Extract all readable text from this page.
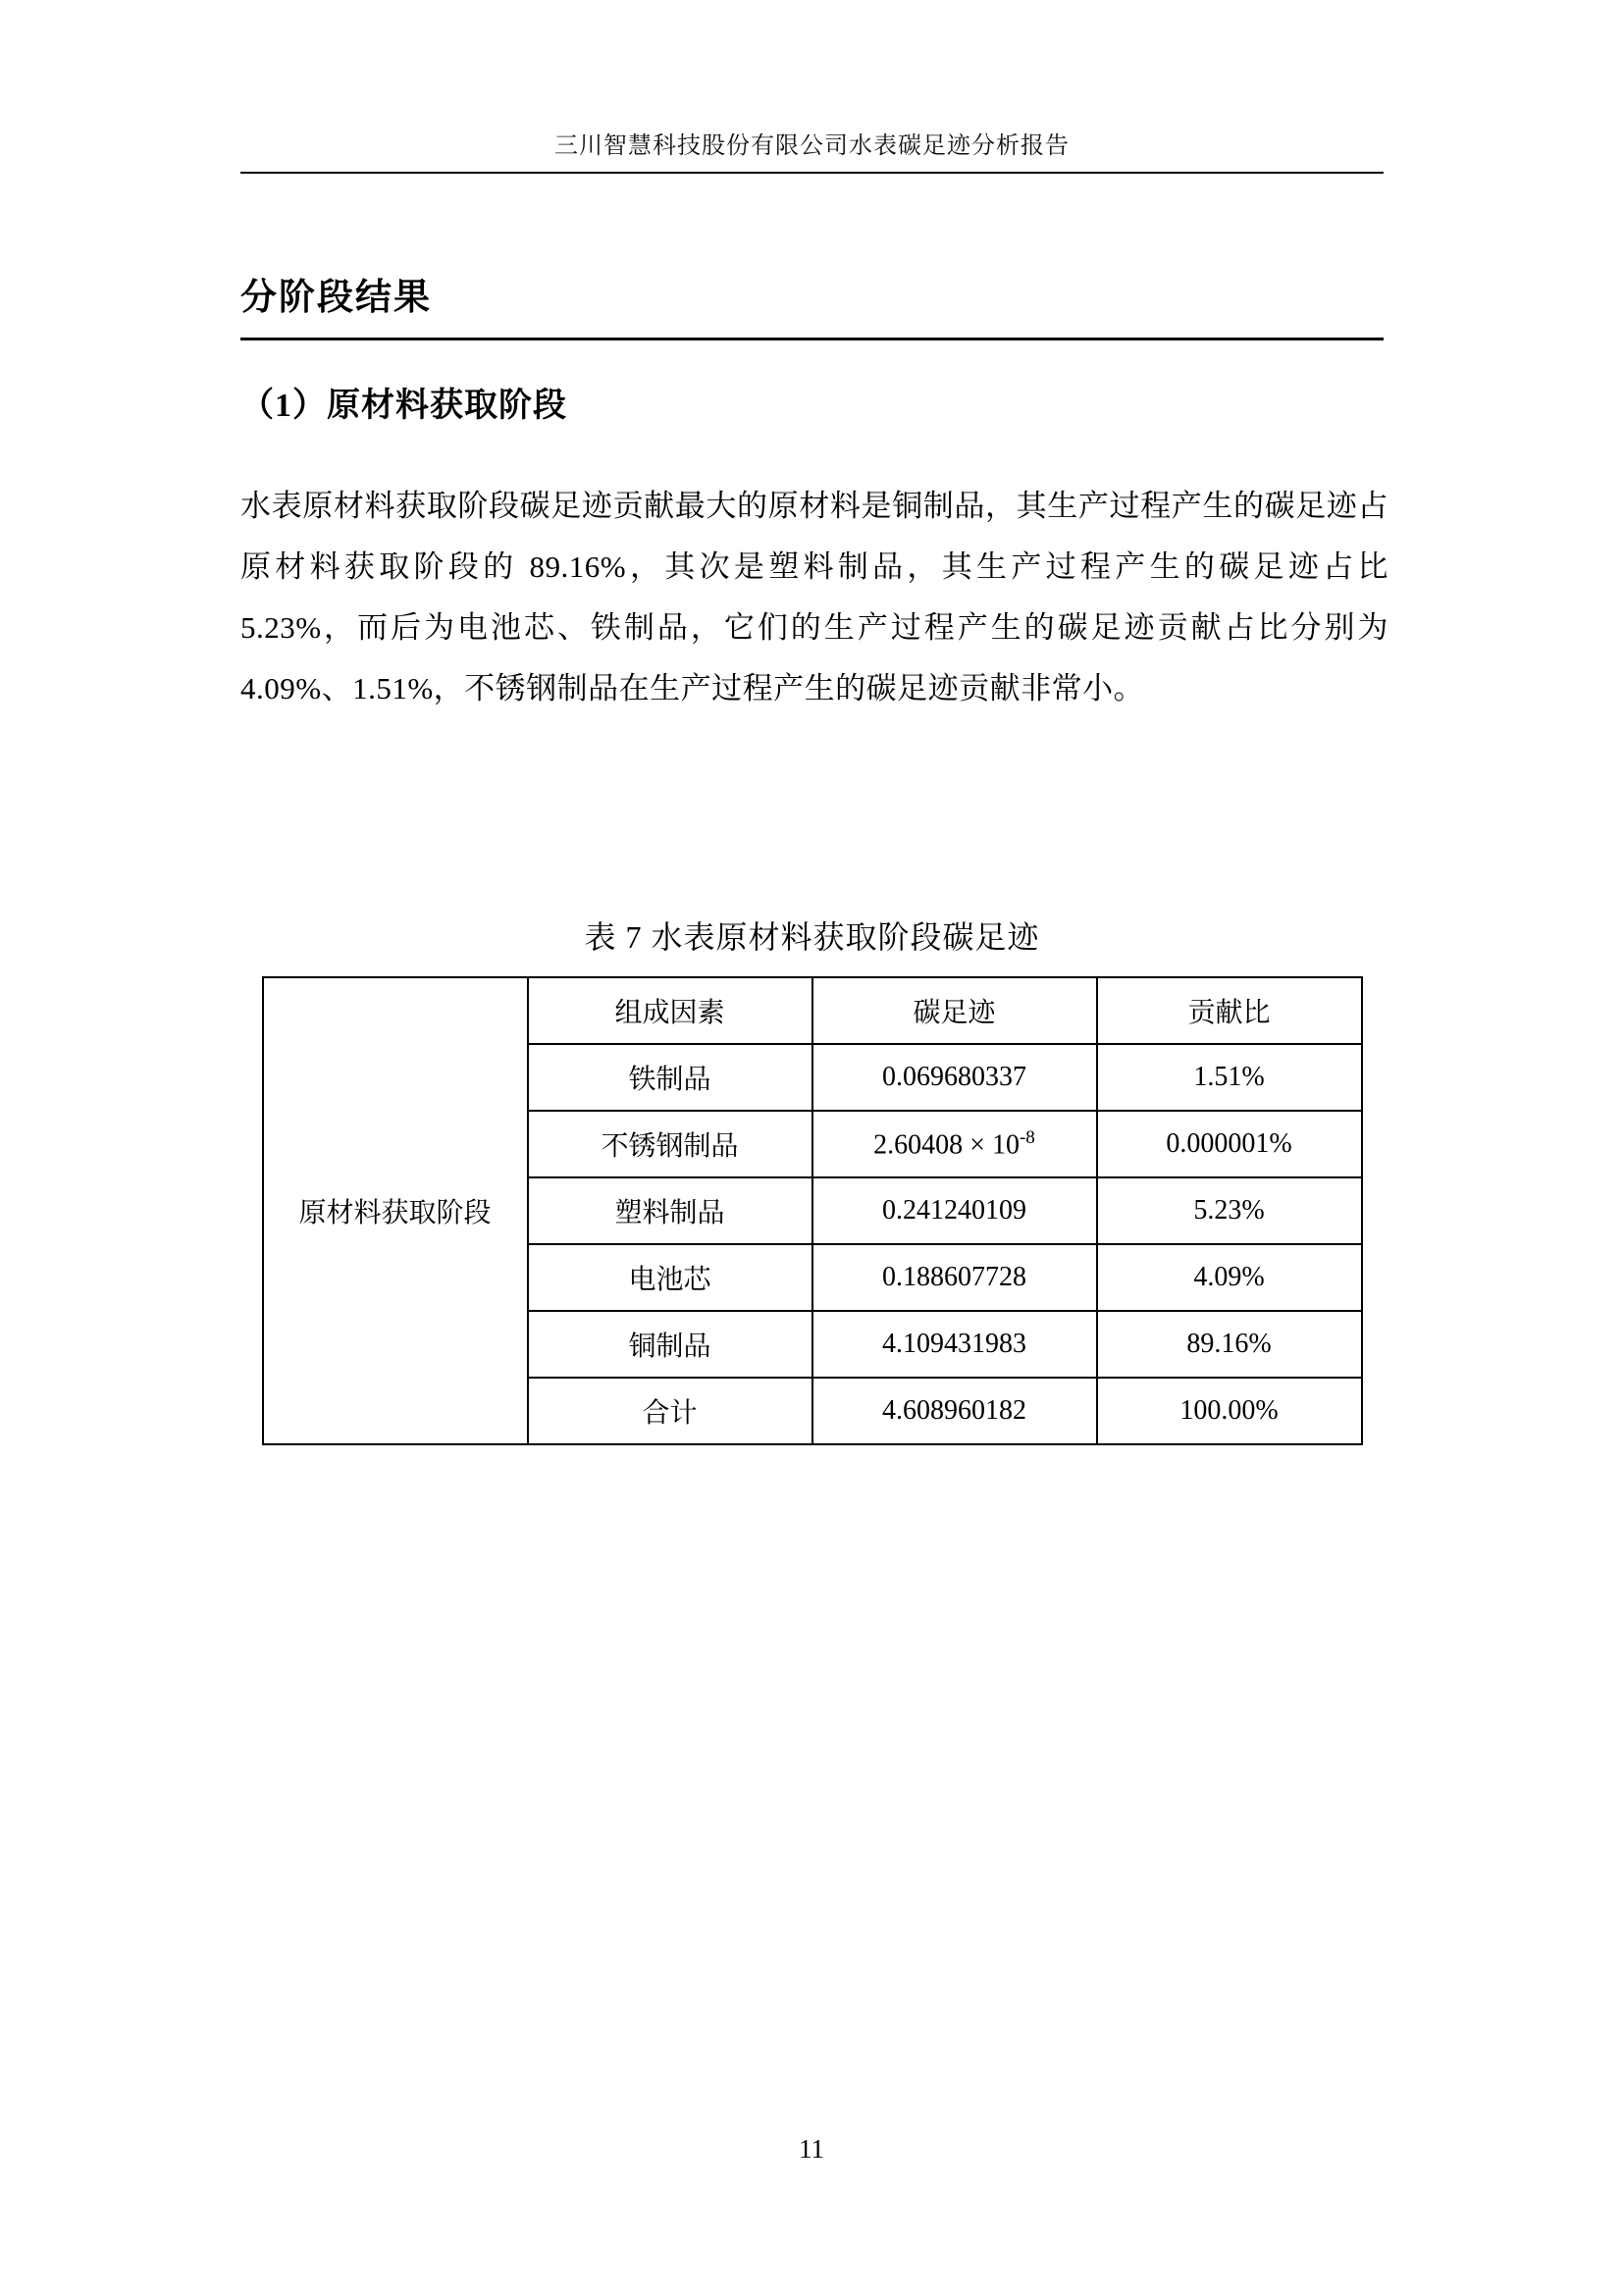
三川智慧科技股份有限公司水表碳足迹分析报告
分阶段结果
（1）原材料获取阶段
水表原材料获取阶段碳足迹贡献最大的原材料是铜制品，其生产过程产生的碳足迹占原材料获取阶段的 89.16%，其次是塑料制品，其生产过程产生的碳足迹占比 5.23%，而后为电池芯、铁制品，它们的生产过程产生的碳足迹贡献占比分别为 4.09%、1.51%，不锈钢制品在生产过程产生的碳足迹贡献非常小。
表 7 水表原材料获取阶段碳足迹
原材料获取阶段	组成因素	碳足迹	贡献比
	铁制品	0.069680337	1.51%
	不锈钢制品	$2.60408 \times 10^{-8}$	0.000001%
	塑料制品	0.241240109	5.23%
	电池芯	0.188607728	4.09%
	铜制品	4.109431983	89.16%
	合计	4.608960182	100.00%
11
